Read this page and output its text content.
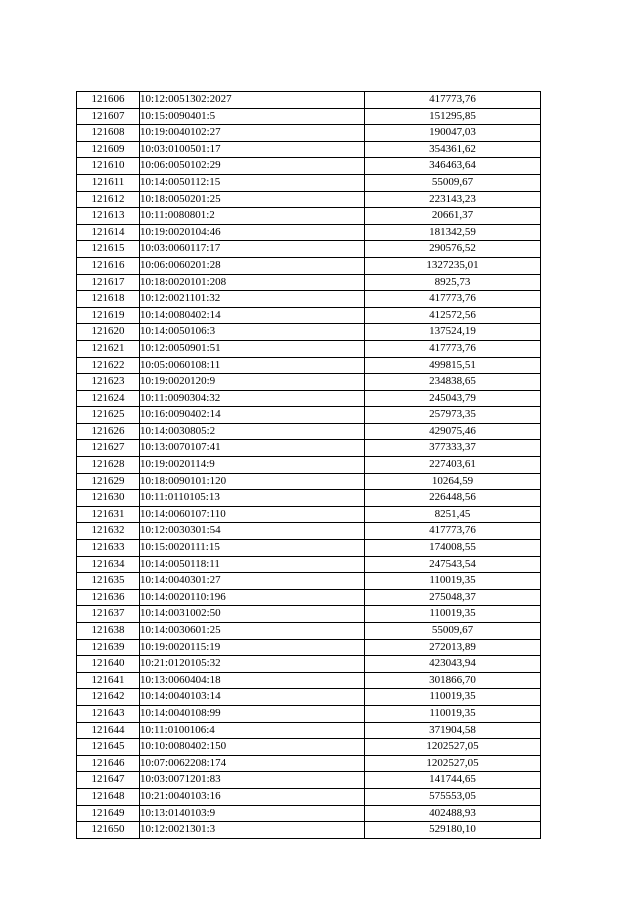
121606	10:12:0051302:2027	417773,76
121607	10:15:0090401:5	151295,85
121608	10:19:0040102:27	190047,03
121609	10:03:0100501:17	354361,62
121610	10:06:0050102:29	346463,64
121611	10:14:0050112:15	55009,67
121612	10:18:0050201:25	223143,23
121613	10:11:0080801:2	20661,37
121614	10:19:0020104:46	181342,59
121615	10:03:0060117:17	290576,52
121616	10:06:0060201:28	1327235,01
121617	10:18:0020101:208	8925,73
121618	10:12:0021101:32	417773,76
121619	10:14:0080402:14	412572,56
121620	10:14:0050106:3	137524,19
121621	10:12:0050901:51	417773,76
121622	10:05:0060108:11	499815,51
121623	10:19:0020120:9	234838,65
121624	10:11:0090304:32	245043,79
121625	10:16:0090402:14	257973,35
121626	10:14:0030805:2	429075,46
121627	10:13:0070107:41	377333,37
121628	10:19:0020114:9	227403,61
121629	10:18:0090101:120	10264,59
121630	10:11:0110105:13	226448,56
121631	10:14:0060107:110	8251,45
121632	10:12:0030301:54	417773,76
121633	10:15:0020111:15	174008,55
121634	10:14:0050118:11	247543,54
121635	10:14:0040301:27	110019,35
121636	10:14:0020110:196	275048,37
121637	10:14:0031002:50	110019,35
121638	10:14:0030601:25	55009,67
121639	10:19:0020115:19	272013,89
121640	10:21:0120105:32	423043,94
121641	10:13:0060404:18	301866,70
121642	10:14:0040103:14	110019,35
121643	10:14:0040108:99	110019,35
121644	10:11:0100106:4	371904,58
121645	10:10:0080402:150	1202527,05
121646	10:07:0062208:174	1202527,05
121647	10:03:0071201:83	141744,65
121648	10:21:0040103:16	575553,05
121649	10:13:0140103:9	402488,93
121650	10:12:0021301:3	529180,10
